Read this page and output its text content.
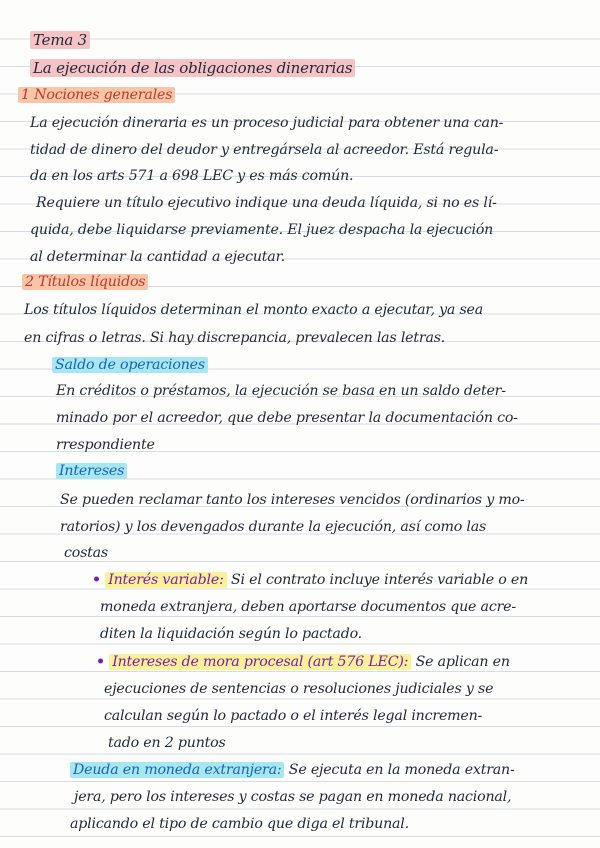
Tema 3
La ejecución de las obligaciones dinerarias
1 Nociones generales
La ejecución dineraria es un proceso judicial para obtener una can-
tidad de dinero del deudor y entregársela al acreedor. Está regula-
da en los arts 571 a 698 LEC y es más común.
Requiere un título ejecutivo indique una deuda líquida, si no es lí-
quida, debe liquidarse previamente. El juez despacha la ejecución
al determinar la cantidad a ejecutar.
2 Títulos líquidos
Los títulos líquidos determinan el monto exacto a ejecutar, ya sea
en cifras o letras. Si hay discrepancia, prevalecen las letras.
Saldo de operaciones
En créditos o préstamos, la ejecución se basa en un saldo deter-
minado por el acreedor, que debe presentar la documentación co-
rrespondiente
Intereses
Se pueden reclamar tanto los intereses vencidos (ordinarios y mo-
ratorios) y los devengados durante la ejecución, así como las
costas
• Interés variable: Si el contrato incluye interés variable o en
moneda extranjera, deben aportarse documentos que acre-
diten la liquidación según lo pactado.
• Intereses de mora procesal (art 576 LEC): Se aplican en
ejecuciones de sentencias o resoluciones judiciales y se
calculan según lo pactado o el interés legal incremen-
tado en 2 puntos
Deuda en moneda extranjera: Se ejecuta en la moneda extran-
jera, pero los intereses y costas se pagan en moneda nacional,
aplicando el tipo de cambio que diga el tribunal.
